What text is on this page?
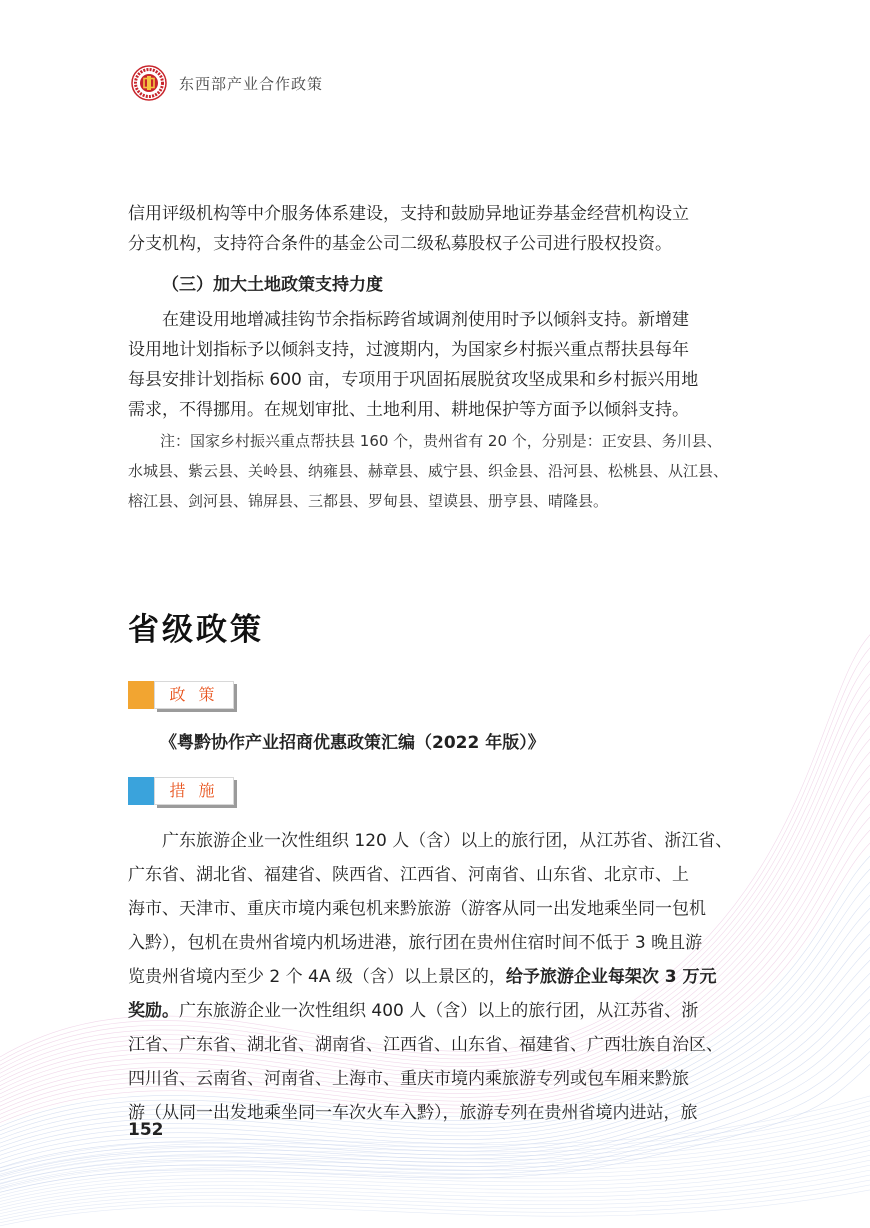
东西部产业合作政策
信用评级机构等中介服务体系建设，支持和鼓励异地证券基金经营机构设立
分支机构，支持符合条件的基金公司二级私募股权子公司进行股权投资。
（三）加大土地政策支持力度
在建设用地增减挂钩节余指标跨省域调剂使用时予以倾斜支持。新增建
设用地计划指标予以倾斜支持，过渡期内，为国家乡村振兴重点帮扶县每年
每县安排计划指标 600 亩，专项用于巩固拓展脱贫攻坚成果和乡村振兴用地
需求，不得挪用。在规划审批、土地利用、耕地保护等方面予以倾斜支持。
注：国家乡村振兴重点帮扶县 160 个，贵州省有 20 个，分别是：正安县、务川县、
水城县、紫云县、关岭县、纳雍县、赫章县、威宁县、织金县、沿河县、松桃县、从江县、
榕江县、剑河县、锦屏县、三都县、罗甸县、望谟县、册亨县、晴隆县。
省级政策
政 策
《粤黔协作产业招商优惠政策汇编（2022 年版）》
措 施
广东旅游企业一次性组织 120 人（含）以上的旅行团，从江苏省、浙江省、
广东省、湖北省、福建省、陕西省、江西省、河南省、山东省、北京市、上
海市、天津市、重庆市境内乘包机来黔旅游（游客从同一出发地乘坐同一包机
入黔），包机在贵州省境内机场进港，旅行团在贵州住宿时间不低于 3 晚且游
览贵州省境内至少 2 个 4A 级（含）以上景区的，给予旅游企业每架次 3 万元
奖励。广东旅游企业一次性组织 400 人（含）以上的旅行团，从江苏省、浙
江省、广东省、湖北省、湖南省、江西省、山东省、福建省、广西壮族自治区、
四川省、云南省、河南省、上海市、重庆市境内乘旅游专列或包车厢来黔旅
游（从同一出发地乘坐同一车次火车入黔），旅游专列在贵州省境内进站，旅
152
